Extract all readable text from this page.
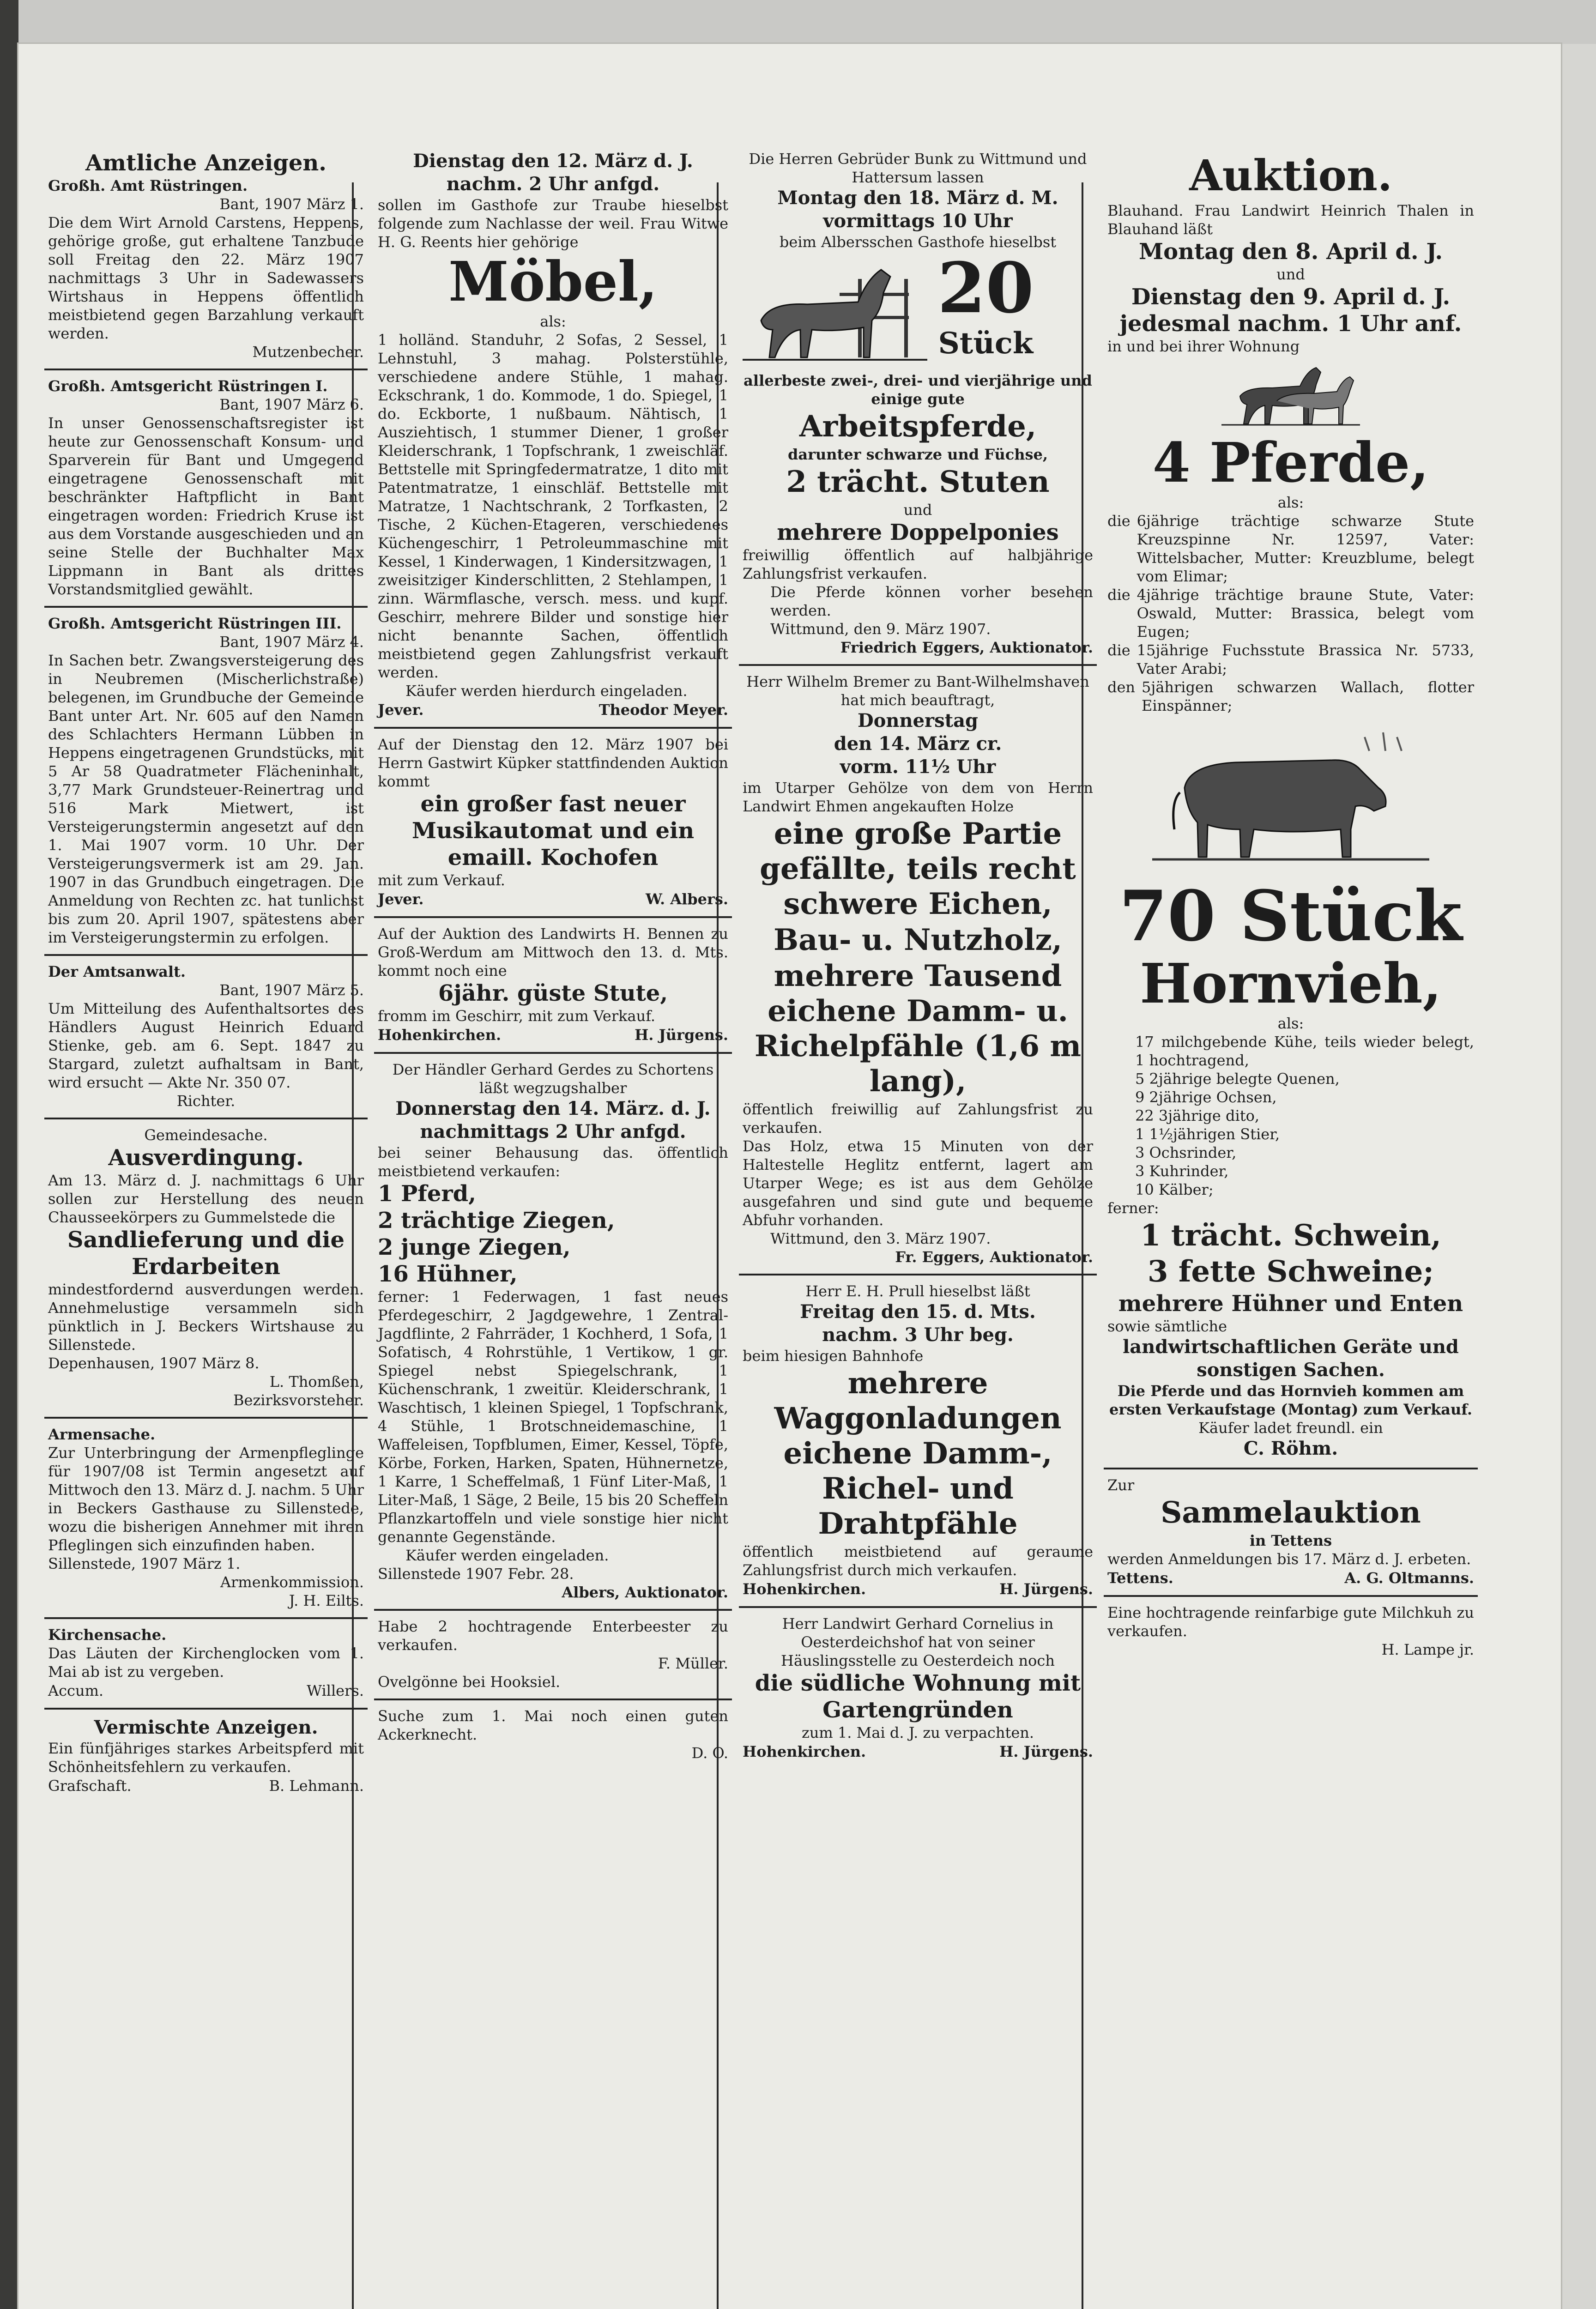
Amtliche Anzeigen.

Großh. Amt Rüstringen.

Bant, 1907 März 1.

Die dem Wirt Arnold Carstens, Heppens, gehörige große, gut erhaltene Tanzbude soll Freitag den 22. März 1907 nachmittags 3 Uhr in Sadewassers Wirtshaus in Heppens öffentlich meistbietend gegen Barzahlung verkauft werden.

Mutzenbecher.

Großh. Amtsgericht Rüstringen I.

Bant, 1907 März 6.

In unser Genossenschaftsregister ist heute zur Genossenschaft Konsum- und Sparverein für Bant und Umgegend eingetragene Genossenschaft mit beschränkter Haftpflicht in Bant eingetragen worden: Friedrich Kruse ist aus dem Vorstande ausgeschieden und an seine Stelle der Buchhalter Max Lippmann in Bant als drittes Vorstandsmitglied gewählt.

Großh. Amtsgericht Rüstringen III.

Bant, 1907 März 4.

In Sachen betr. Zwangsversteigerung des in Neubremen (Mischerlichstraße) belegenen, im Grundbuche der Gemeinde Bant unter Art. Nr. 605 auf den Namen des Schlachters Hermann Lübben in Heppens eingetragenen Grundstücks, mit 5 Ar 58 Quadratmeter Flächeninhalt, 3,77 Mark Grundsteuer-Reinertrag und 516 Mark Mietwert, ist Versteigerungstermin angesetzt auf den 1. Mai 1907 vorm. 10 Uhr. Der Versteigerungsvermerk ist am 29. Jan. 1907 in das Grundbuch eingetragen. Die Anmeldung von Rechten zc. hat tunlichst bis zum 20. April 1907, spätestens aber im Versteigerungstermin zu erfolgen.

Der Amtsanwalt.

Bant, 1907 März 5.

Um Mitteilung des Aufenthaltsortes des Händlers August Heinrich Eduard Stienke, geb. am 6. Sept. 1847 zu Stargard, zuletzt aufhaltsam in Bant, wird ersucht — Akte Nr. 350 07.

Richter.

Gemeindesache.

Ausverdingung.

Am 13. März d. J. nachmittags 6 Uhr sollen zur Herstellung des neuen Chausseekörpers zu Gummelstede die

Sandlieferung und die Erdarbeiten

mindestfordernd ausverdungen werden. Annehmelustige versammeln sich pünktlich in J. Beckers Wirtshause zu Sillenstede.

Depenhausen, 1907 März 8.

L. Thomßen,

Bezirksvorsteher.

Armensache.

Zur Unterbringung der Armenpfleglinge für 1907/08 ist Termin angesetzt auf Mittwoch den 13. März d. J. nachm. 5 Uhr in Beckers Gasthause zu Sillenstede, wozu die bisherigen Annehmer mit ihren Pfleglingen sich einzufinden haben.

Sillenstede, 1907 März 1.

Armenkommission.

J. H. Eilts.

Kirchensache.

Das Läuten der Kirchenglocken vom 1. Mai ab ist zu vergeben.

Accum.	Willers.

Vermischte Anzeigen.

Ein fünfjähriges starkes Arbeitspferd mit Schönheitsfehlern zu verkaufen.

Grafschaft.	B. Lehmann.

Dienstag den 12. März d. J.

nachm. 2 Uhr anfgd.

sollen im Gasthofe zur Traube hieselbst folgende zum Nachlasse der weil. Frau Witwe H. G. Reents hier gehörige

Möbel,

als:

1 holländ. Standuhr, 2 Sofas, 2 Sessel, 1 Lehnstuhl, 3 mahag. Polsterstühle, verschiedene andere Stühle, 1 mahag. Eckschrank, 1 do. Kommode, 1 do. Spiegel, 1 do. Eckborte, 1 nußbaum. Nähtisch, 1 Ausziehtisch, 1 stummer Diener, 1 großer Kleiderschrank, 1 Topfschrank, 1 zweischläf. Bettstelle mit Springfedermatratze, 1 dito mit Patentmatratze, 1 einschläf. Bettstelle mit Matratze, 1 Nachtschrank, 2 Torfkasten, 2 Tische, 2 Küchen-Etageren, verschiedenes Küchengeschirr, 1 Petroleummaschine mit Kessel, 1 Kinderwagen, 1 Kindersitzwagen, 1 zweisitziger Kinderschlitten, 2 Stehlampen, 1 zinn. Wärmflasche, versch. mess. und kupf. Geschirr, mehrere Bilder und sonstige hier nicht benannte Sachen, öffentlich meistbietend gegen Zahlungsfrist verkauft werden.

Käufer werden hierdurch eingeladen.

Jever.	Theodor Meyer.

Auf der Dienstag den 12. März 1907 bei Herrn Gastwirt Küpker stattfindenden Auktion kommt

ein großer fast neuer Musikautomat und ein emaill. Kochofen

mit zum Verkauf.

Jever.	W. Albers.

Auf der Auktion des Landwirts H. Bennen zu Groß-Werdum am Mittwoch den 13. d. Mts. kommt noch eine

6jähr. güste Stute,

fromm im Geschirr, mit zum Verkauf.

Hohenkirchen.	H. Jürgens.

Der Händler Gerhard Gerdes zu Schortens läßt wegzugshalber

Donnerstag den 14. März. d. J.

nachmittags 2 Uhr anfgd.

bei seiner Behausung das. öffentlich meistbietend verkaufen:

1 Pferd,

2 trächtige Ziegen,

2 junge Ziegen,

16 Hühner,

ferner: 1 Federwagen, 1 fast neues Pferdegeschirr, 2 Jagdgewehre, 1 Zentral-Jagdflinte, 2 Fahrräder, 1 Kochherd, 1 Sofa, 1 Sofatisch, 4 Rohrstühle, 1 Vertikow, 1 gr. Spiegel nebst Spiegelschrank, 1 Küchenschrank, 1 zweitür. Kleiderschrank, 1 Waschtisch, 1 kleinen Spiegel, 1 Topfschrank, 4 Stühle, 1 Brotschneidemaschine, 1 Waffeleisen, Topfblumen, Eimer, Kessel, Töpfe, Körbe, Forken, Harken, Spaten, Hühnernetze, 1 Karre, 1 Scheffelmaß, 1 Fünf Liter-Maß, 1 Liter-Maß, 1 Säge, 2 Beile, 15 bis 20 Scheffeln Pflanzkartoffeln und viele sonstige hier nicht genannte Gegenstände.

Käufer werden eingeladen.

Sillenstede 1907 Febr. 28.

Albers, Auktionator.

Habe 2 hochtragende Enterbeester zu verkaufen.

F. Müller.

Ovelgönne bei Hooksiel.

Suche zum 1. Mai noch einen guten Ackerknecht.

D. O.

Die Herren Gebrüder Bunk zu Wittmund und Hattersum lassen

Montag den 18. März d. M.

vormittags 10 Uhr

beim Albersschen Gasthofe hieselbst

20

Stück

allerbeste zwei-, drei- und vierjährige und einige gute

Arbeitspferde,

darunter schwarze und Füchse,

2 trächt. Stuten

und

mehrere Doppelponies

freiwillig öffentlich auf halbjährige Zahlungsfrist verkaufen.

Die Pferde können vorher besehen werden.

Wittmund, den 9. März 1907.

Friedrich Eggers, Auktionator.

Herr Wilhelm Bremer zu Bant-Wilhelmshaven hat mich beauftragt,

Donnerstag

den 14. März cr.

vorm. 11½ Uhr

im Utarper Gehölze von dem von Herrn Landwirt Ehmen angekauften Holze

eine große Partie gefällte, teils recht schwere Eichen,

Bau- u. Nutzholz,

mehrere Tausend eichene Damm- u. Richelpfähle (1,6 m lang),

öffentlich freiwillig auf Zahlungsfrist zu verkaufen.

Das Holz, etwa 15 Minuten von der Haltestelle Heglitz entfernt, lagert am Utarper Wege; es ist aus dem Gehölze ausgefahren und sind gute und bequeme Abfuhr vorhanden.

Wittmund, den 3. März 1907.

Fr. Eggers, Auktionator.

Herr E. H. Prull hieselbst läßt

Freitag den 15. d. Mts.

nachm. 3 Uhr beg.

beim hiesigen Bahnhofe

mehrere Waggonladungen eichene Damm-, Richel- und Drahtpfähle

öffentlich meistbietend auf geraume Zahlungsfrist durch mich verkaufen.

Hohenkirchen.	H. Jürgens.

Herr Landwirt Gerhard Cornelius in Oesterdeichshof hat von seiner Häuslingsstelle zu Oesterdeich noch

die südliche Wohnung mit Gartengründen

zum 1. Mai d. J. zu verpachten.

Hohenkirchen.	H. Jürgens.

Auktion.

Blauhand. Frau Landwirt Heinrich Thalen in Blauhand läßt

Montag den 8. April d. J.

und

Dienstag den 9. April d. J.

jedesmal nachm. 1 Uhr anf.

in und bei ihrer Wohnung

4 Pferde,

als:

die 6jährige trächtige schwarze Stute Kreuzspinne Nr. 12597, Vater: Wittelsbacher, Mutter: Kreuzblume, belegt vom Elimar;

die 4jährige trächtige braune Stute, Vater: Oswald, Mutter: Brassica, belegt vom Eugen;

die 15jährige Fuchsstute Brassica Nr. 5733, Vater Arabi;

den 5jährigen schwarzen Wallach, flotter Einspänner;

70 Stück

Hornvieh,

als:

17 milchgebende Kühe, teils wieder belegt, 1 hochtragend,

5 2jährige belegte Quenen,

9 2jährige Ochsen,

22 3jährige dito,

1 1½jährigen Stier,

3 Ochsrinder,

3 Kuhrinder,

10 Kälber;

ferner:

1 trächt. Schwein,

3 fette Schweine;

mehrere Hühner und Enten

sowie sämtliche

landwirtschaftlichen Geräte und sonstigen Sachen.

Die Pferde und das Hornvieh kommen am ersten Verkaufstage (Montag) zum Verkauf.

Käufer ladet freundl. ein

C. Röhm.

Zur

Sammelauktion

in Tettens

werden Anmeldungen bis 17. März d. J. erbeten.

Tettens.	A. G. Oltmanns.

Eine hochtragende reinfarbige gute Milchkuh zu verkaufen.

H. Lampe jr.
